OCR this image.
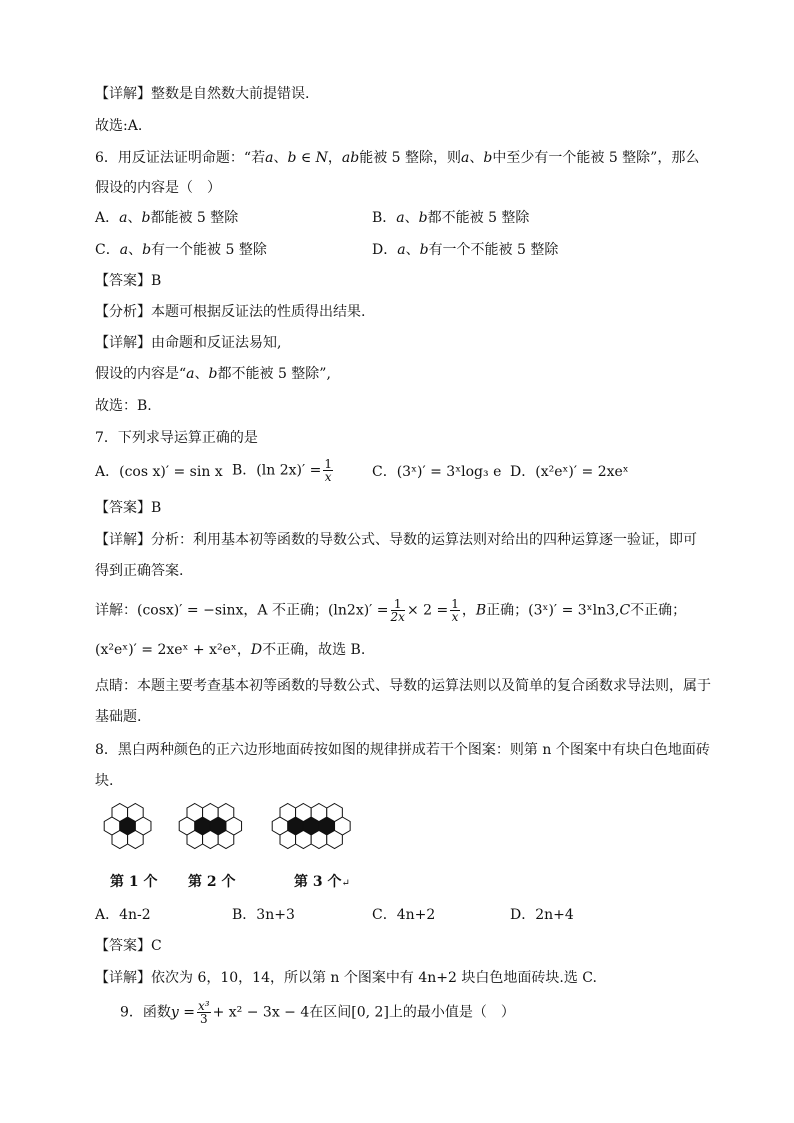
【详解】整数是自然数大前提错误.
故选:A.
6．用反证法证明命题：“若a、b ∈ N，ab能被 5 整除，则a、b中至少有一个能被 5 整除”，那么
假设的内容是（　）
A．a、b都能被 5 整除	B．a、b都不能被 5 整除
C．a、b有一个能被 5 整除	D．a、b有一个不能被 5 整除
【答案】B
【分析】本题可根据反证法的性质得出结果.
【详解】由命题和反证法易知,
假设的内容是“a、b都不能被 5 整除”,
故选：B.
7．下列求导运算正确的是
A．(cos x)′ = sin x B．(ln $2x)' = \frac{1}{x}$	C．(3ˣ)′ = 3ˣlog₃ e D．(x²eˣ)′ = 2xeˣ
【答案】B
【详解】分析：利用基本初等函数的导数公式、导数的运算法则对给出的四种运算逐一验证，即可
得到正确答案.
详解：(cosx)′ = −sinx，A 不正确；$(\ln 2x)' = \frac{1}{2x} \times 2 = \frac{1}{x}$ ，B正确；(3ˣ)′ = 3ˣln3,C不正确；
(x²eˣ)′ = 2xeˣ + x²eˣ，D不正确，故选 B.
点睛：本题主要考查基本初等函数的导数公式、导数的运算法则以及简单的复合函数求导法则，属于
基础题.
8．黑白两种颜色的正六边形地面砖按如图的规律拼成若干个图案：则第 n 个图案中有块白色地面砖
块.
第 1 个 第 2 个	第 3 个↵
A．4n-2	B．3n+3	C．4n+2	D．2n+4
【答案】C
【详解】依次为 6，10，14，所以第 n 个图案中有 4n+2 块白色地面砖块.选 C.
9．函数$y = \frac{\text{x³}}{3} + x^2 - 3x - 4$在区间[0, 2]上的最小值是（　）
